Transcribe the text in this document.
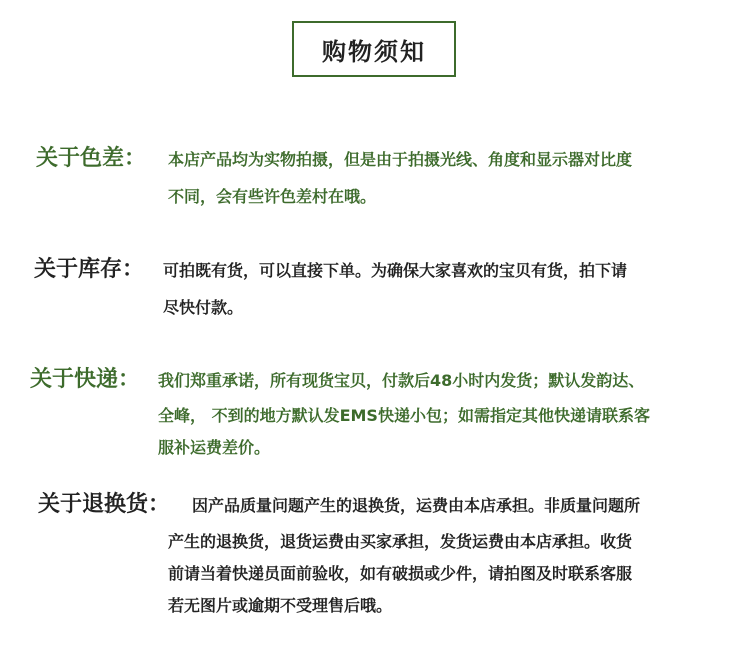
购物须知
关于色差： 本店产品均为实物拍摄，但是由于拍摄光线、角度和显示器对比度
不同，会有些许色差村在哦。
关于库存： 可拍既有货，可以直接下单。为确保大家喜欢的宝贝有货，拍下请
尽快付款。
关于快递： 我们郑重承诺，所有现货宝贝，付款后48小时内发货；默认发韵达、
全峰， 不到的地方默认发EMS快递小包；如需指定其他快递请联系客
服补运费差价。
关于退换货： 因产品质量问题产生的退换货，运费由本店承担。非质量问题所
产生的退换货，退货运费由买家承担，发货运费由本店承担。收货
前请当着快递员面前验收，如有破损或少件，请拍图及时联系客服
若无图片或逾期不受理售后哦。
